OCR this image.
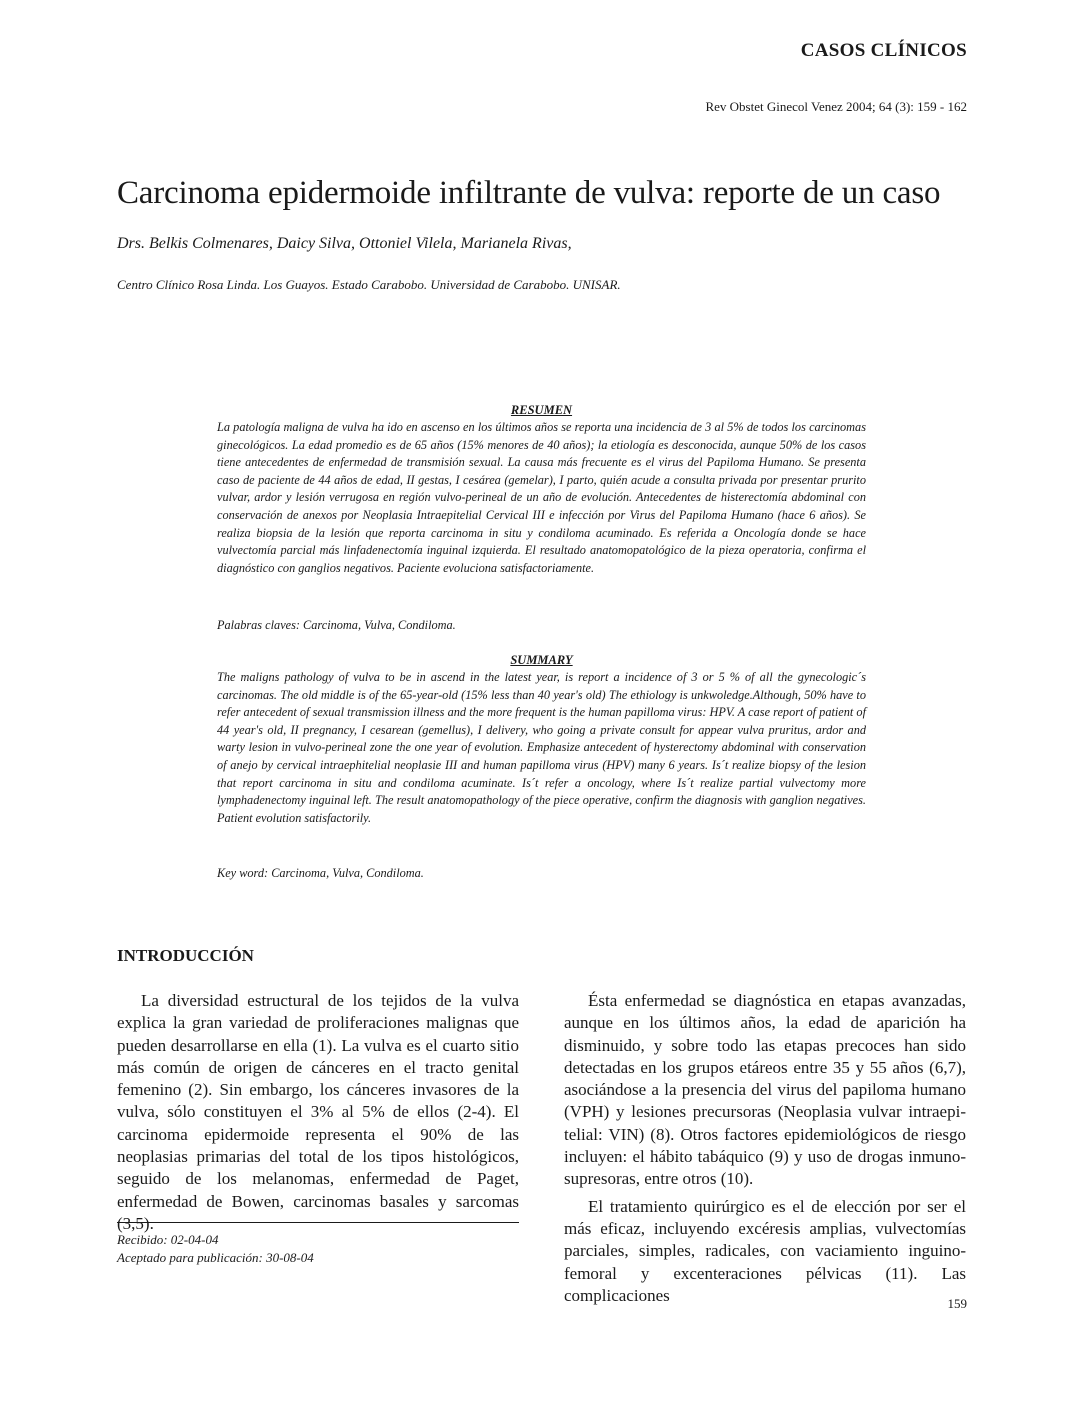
CASOS CLÍNICOS
Rev Obstet Ginecol Venez 2004; 64 (3): 159 - 162
Carcinoma epidermoide infiltrante de vulva: reporte de un caso
Drs. Belkis Colmenares, Daicy Silva, Ottoniel Vilela, Marianela Rivas,
Centro Clínico Rosa Linda. Los Guayos. Estado Carabobo. Universidad de Carabobo. UNISAR.
RESUMEN
La patología maligna de vulva ha ido en ascenso en los últimos años se reporta una incidencia de 3 al 5% de todos los carcinomas ginecológicos. La edad promedio es de 65 años (15% menores de 40 años); la etiología es desconocida, aunque 50% de los casos tiene antecedentes de enfermedad de transmisión sexual. La causa más frecuente es el virus del Papiloma Humano. Se presenta caso de paciente de 44 años de edad, II gestas, I cesárea (gemelar), I parto, quién acude a consulta privada por presentar prurito vulvar, ardor y lesión verrugosa en región vulvo-perineal de un año de evolución. Antecedentes de histerectomía abdominal con conservación de anexos por Neoplasia Intraepitelial Cervical III e infección por Virus del Papiloma Humano (hace 6 años). Se realiza biopsia de la lesión que reporta carcinoma in situ y condiloma acuminado. Es referida a Oncología donde se hace vulvectomía parcial más linfadenectomía inguinal izquierda. El resultado anatomopatológico de la pieza operatoria, confirma el diagnóstico con ganglios negativos. Paciente evoluciona satisfactoriamente.
Palabras claves: Carcinoma, Vulva, Condiloma.
SUMMARY
The maligns pathology of vulva to be in ascend in the latest year, is report a incidence of 3 or 5 % of all the gynecologic´s carcinomas. The old middle is of the 65-year-old (15% less than 40 year's old) The ethiology is unkwoledge.Although, 50% have to refer antecedent of sexual transmission illness and the more frequent is the human papilloma virus: HPV. A case report of patient of 44 year's old, II pregnancy, I cesarean (gemellus), I delivery, who going a private consult for appear vulva pruritus, ardor and warty lesion in vulvo-perineal zone the one year of evolution. Emphasize antecedent of hysterectomy abdominal with conservation of anejo by cervical intraephitelial neoplasie III and human papilloma virus (HPV) many 6 years. Is´t realize biopsy of the lesion that report carcinoma in situ and condiloma acuminate. Is´t refer a oncology, where Is´t realize partial vulvectomy more lymphadenectomy inguinal left. The result anatomopathology of the piece operative, confirm the diagnosis with ganglion negatives. Patient evolution satisfactorily.
Key word: Carcinoma, Vulva, Condiloma.
INTRODUCCIÓN

La diversidad estructural de los tejidos de la vulva explica la gran variedad de proliferaciones malignas que pueden desarrollarse en ella (1). La vulva es el cuarto sitio más común de origen de cánceres en el tracto genital femenino (2). Sin embargo, los cánceres invasores de la vulva, sólo constituyen el 3% al 5% de ellos (2-4). El carcinoma epidermoide representa el 90% de las neoplasias primarias del total de los tipos histológicos, seguido de los melanomas, enfermedad de Paget, enfermedad de Bowen, carcinomas basales y sarcomas (3,5).

Ésta enfermedad se diagnóstica en etapas avanzadas, aunque en los últimos años, la edad de aparición ha disminuido, y sobre todo las etapas precoces han sido detectadas en los grupos etáreos entre 35 y 55 años (6,7), asociándose a la presencia del virus del papiloma humano (VPH) y lesiones precursoras (Neoplasia vulvar intraepi-telial: VIN) (8). Otros factores epidemiológicos de riesgo incluyen: el hábito tabáquico (9) y uso de drogas inmuno-supresoras, entre otros (10).

El tratamiento quirúrgico es el de elección por ser el más eficaz, incluyendo excéresis amplias, vulvectomías parciales, simples, radicales, con vaciamiento inguino-femoral y excenteraciones pélvicas (11). Las complicaciones

Recibido: 02-04-04
Aceptado para publicación: 30-08-04
159
